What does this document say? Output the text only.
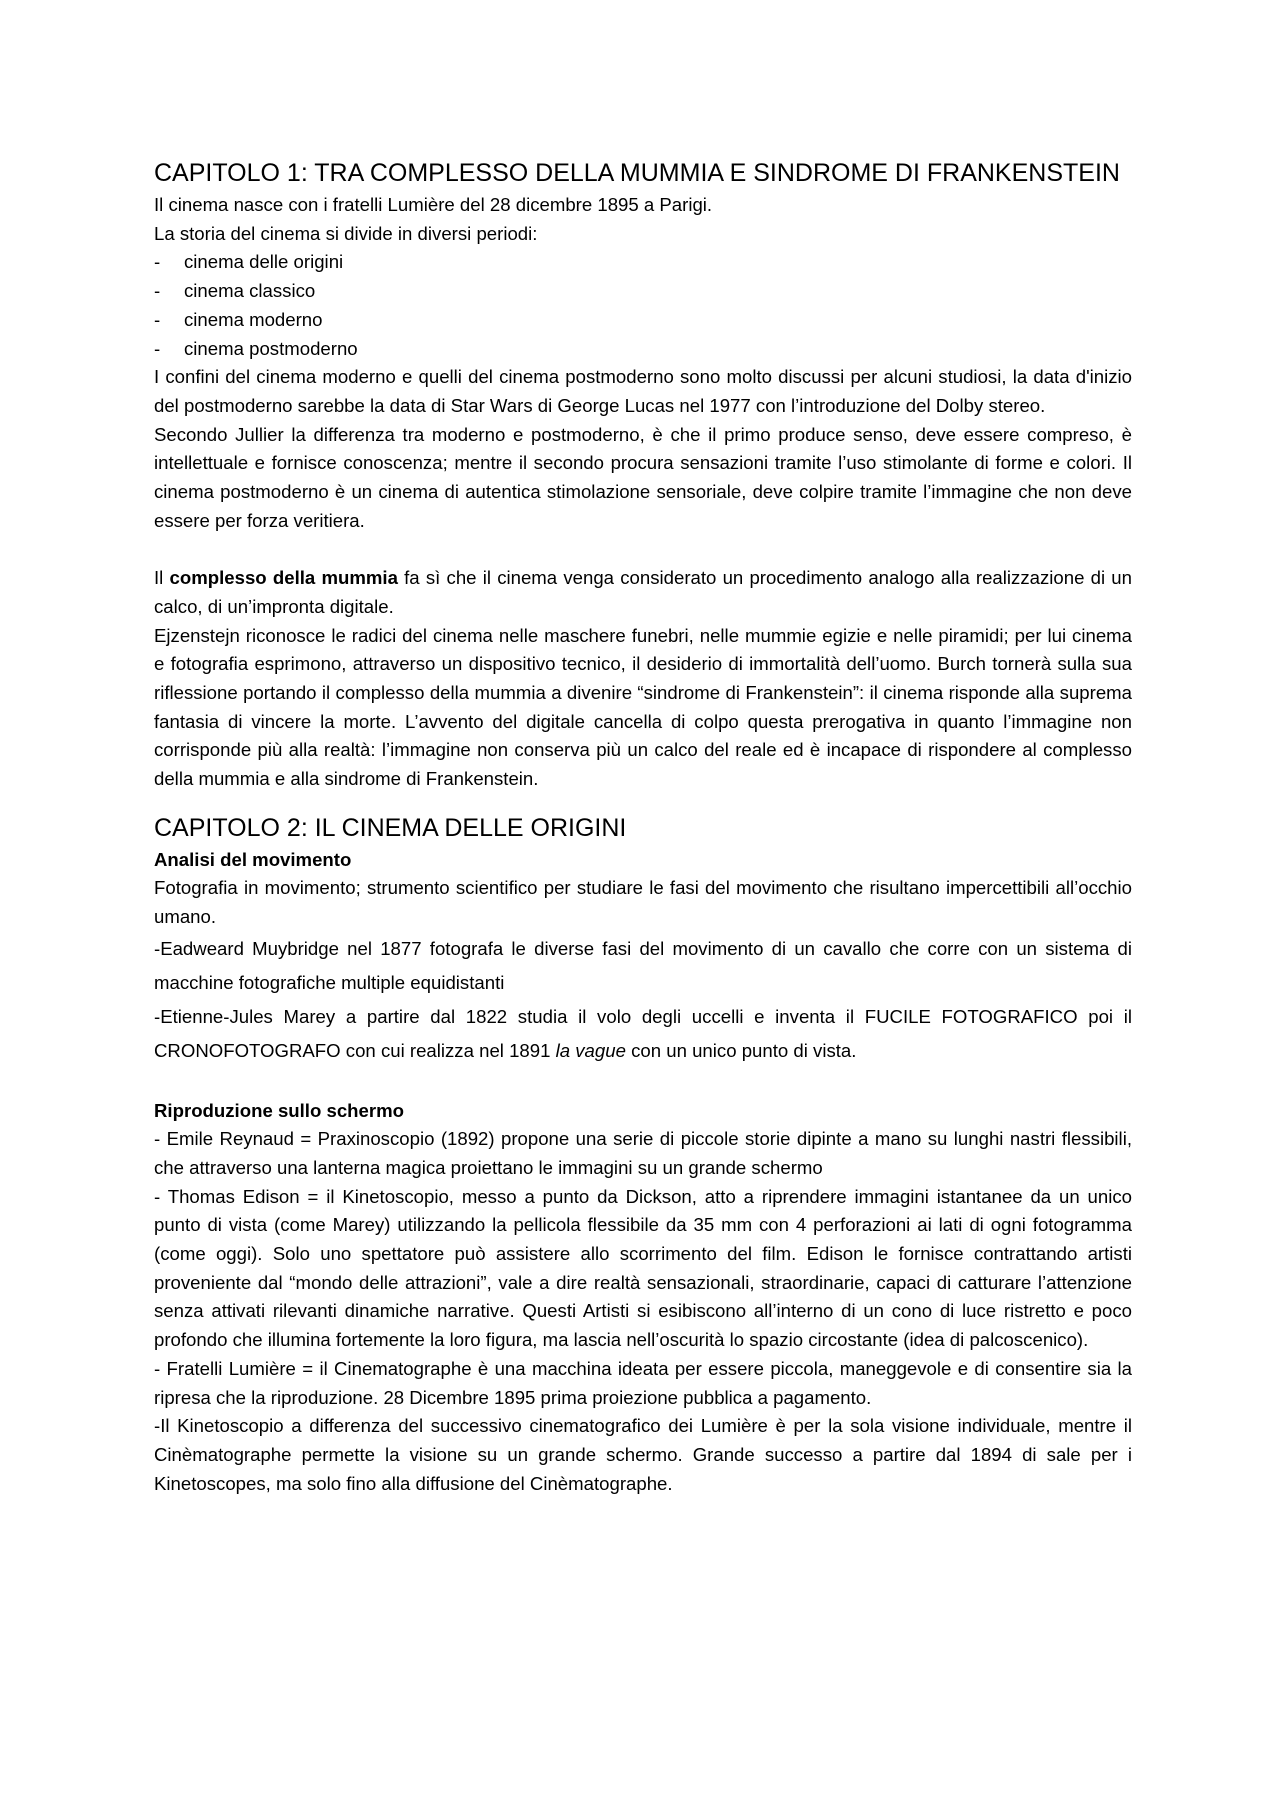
CAPITOLO 1: TRA COMPLESSO DELLA MUMMIA E SINDROME DI FRANKENSTEIN

Il cinema nasce con i fratelli Lumière del 28 dicembre 1895 a Parigi.

La storia del cinema si divide in diversi periodi:

-	cinema delle origini
-	cinema classico
-	cinema moderno
-	cinema postmoderno

I confini del cinema moderno e quelli del cinema postmoderno sono molto discussi per alcuni studiosi, la data d'inizio del postmoderno sarebbe la data di Star Wars di George Lucas nel 1977 con l’introduzione del Dolby stereo.

Secondo Jullier la differenza tra moderno e postmoderno, è che il primo produce senso, deve essere compreso, è intellettuale e fornisce conoscenza; mentre il secondo procura sensazioni tramite l’uso stimolante di forme e colori. Il cinema postmoderno è un cinema di autentica stimolazione sensoriale, deve colpire tramite l’immagine che non deve essere per forza veritiera.

Il complesso della mummia fa sì che il cinema venga considerato un procedimento analogo alla realizzazione di un calco, di un’impronta digitale.

Ejzenstejn riconosce le radici del cinema nelle maschere funebri, nelle mummie egizie e nelle piramidi; per lui cinema e fotografia esprimono, attraverso un dispositivo tecnico, il desiderio di immortalità dell’uomo. Burch tornerà sulla sua riflessione portando il complesso della mummia a divenire “sindrome di Frankenstein”: il cinema risponde alla suprema fantasia di vincere la morte. L’avvento del digitale cancella di colpo questa prerogativa in quanto l’immagine non corrisponde più alla realtà: l’immagine non conserva più un calco del reale ed è incapace di rispondere al complesso della mummia e alla sindrome di Frankenstein.

CAPITOLO 2: IL CINEMA DELLE ORIGINI
Analisi del movimento

Fotografia in movimento; strumento scientifico per studiare le fasi del movimento che risultano impercettibili all’occhio umano.

-Eadweard Muybridge nel 1877 fotografa le diverse fasi del movimento di un cavallo che corre con un sistema di macchine fotografiche multiple equidistanti

-Etienne-Jules Marey a partire dal 1822 studia il volo degli uccelli e inventa il FUCILE FOTOGRAFICO poi il CRONOFOTOGRAFO con cui realizza nel 1891 la vague con un unico punto di vista.

Riproduzione sullo schermo

- Emile Reynaud = Praxinoscopio (1892) propone una serie di piccole storie dipinte a mano su lunghi nastri flessibili, che attraverso una lanterna magica proiettano le immagini su un grande schermo

- Thomas Edison = il Kinetoscopio, messo a punto da Dickson, atto a riprendere immagini istantanee da un unico punto di vista (come Marey) utilizzando la pellicola flessibile da 35 mm con 4 perforazioni ai lati di ogni fotogramma (come oggi). Solo uno spettatore può assistere allo scorrimento del film. Edison le fornisce contrattando artisti proveniente dal “mondo delle attrazioni”, vale a dire realtà sensazionali, straordinarie, capaci di catturare l’attenzione senza attivati rilevanti dinamiche narrative. Questi Artisti si esibiscono all’interno di un cono di luce ristretto e poco profondo che illumina fortemente la loro figura, ma lascia nell’oscurità lo spazio circostante (idea di palcoscenico).

- Fratelli Lumière = il Cinematographe è una macchina ideata per essere piccola, maneggevole e di consentire sia la ripresa che la riproduzione. 28 Dicembre 1895 prima proiezione pubblica a pagamento.

-Il Kinetoscopio a differenza del successivo cinematografico dei Lumière è per la sola visione individuale, mentre il Cinèmatographe permette la visione su un grande schermo. Grande successo a partire dal 1894 di sale per i Kinetoscopes, ma solo fino alla diffusione del Cinèmatographe.
